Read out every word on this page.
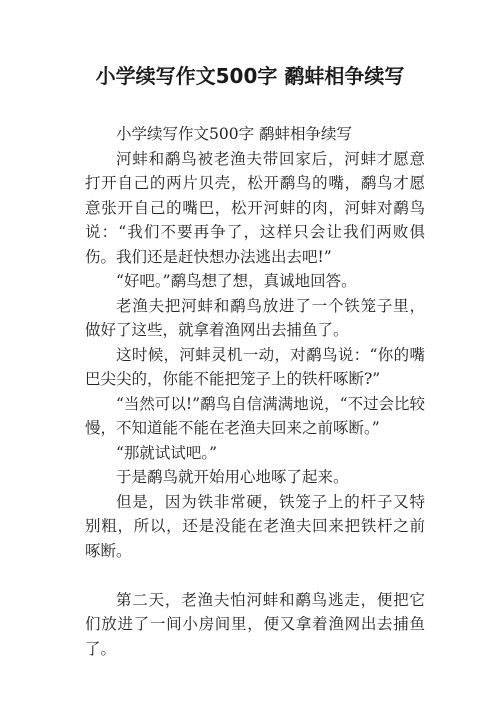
小学续写作文500字 鹬蚌相争续写

小学续写作文500字 鹬蚌相争续写

河蚌和鹬鸟被老渔夫带回家后，河蚌才愿意打开自己的两片贝壳，松开鹬鸟的嘴，鹬鸟才愿意张开自己的嘴巴，松开河蚌的肉，河蚌对鹬鸟说：“我们不要再争了，这样只会让我们两败俱伤。我们还是赶快想办法逃出去吧!”

“好吧。”鹬鸟想了想，真诚地回答。

老渔夫把河蚌和鹬鸟放进了一个铁笼子里，做好了这些，就拿着渔网出去捕鱼了。

这时候，河蚌灵机一动，对鹬鸟说：“你的嘴巴尖尖的，你能不能把笼子上的铁杆啄断?”

“当然可以!”鹬鸟自信满满地说，“不过会比较慢，不知道能不能在老渔夫回来之前啄断。”

“那就试试吧。”

于是鹬鸟就开始用心地啄了起来。

但是，因为铁非常硬，铁笼子上的杆子又特别粗，所以，还是没能在老渔夫回来把铁杆之前啄断。

第二天，老渔夫怕河蚌和鹬鸟逃走，便把它们放进了一间小房间里，便又拿着渔网出去捕鱼了。
